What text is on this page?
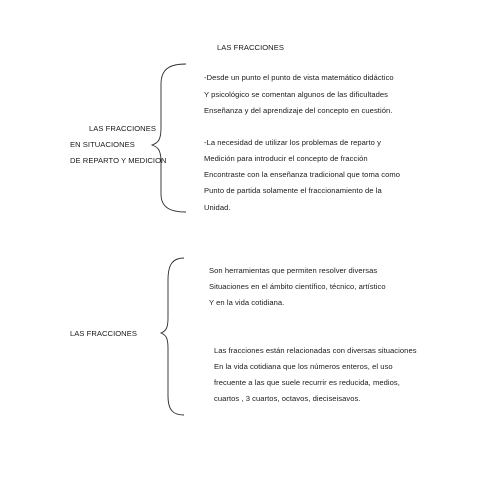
LAS FRACCIONES
LAS FRACCIONES
EN SITUACIONES
DE REPARTO Y MEDICION
-Desde un punto el punto de vista matemático didáctico
Y psicológico se comentan algunos de las dificultades
Enseñanza y del aprendizaje del concepto en cuestión.
-La necesidad de utilizar los problemas de reparto y
Medición para introducir el concepto de fracción
Encontraste con la enseñanza tradicional que toma como
Punto de partida solamente el fraccionamiento de la
Unidad.
LAS FRACCIONES
Son herramientas que permiten resolver diversas
Situaciones en el ámbito científico, técnico, artístico
Y en la vida cotidiana.
Las fracciones están relacionadas con diversas situaciones
En la vida cotidiana que los números enteros, el uso
frecuente a las que suele recurrir es reducida, medios,
cuartos , 3 cuartos, octavos, dieciseisavos.
